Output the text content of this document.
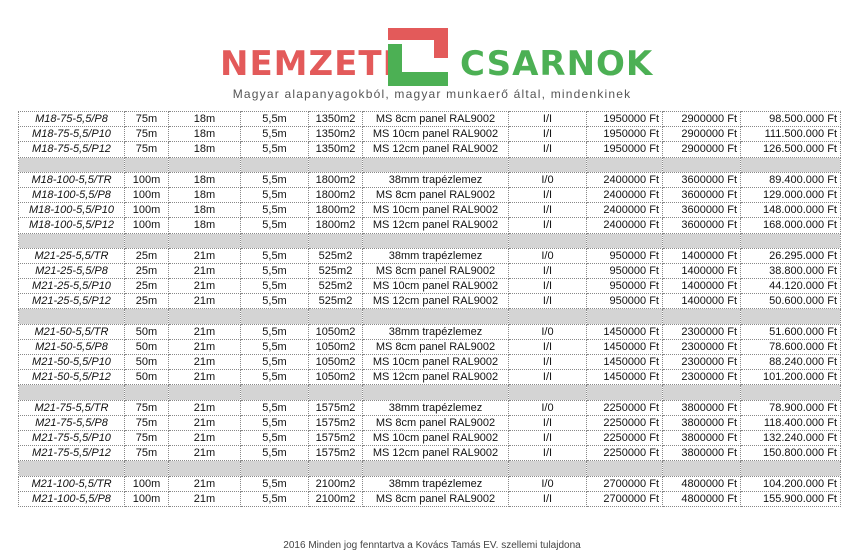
NEMZETI CSARNOK
Magyar alapanyagokból, magyar munkaerő által, mindenkinek
M18-75-5,5/P8	75m	18m	5,5m	1350m2	MS 8cm panel RAL9002	I/I	1950000 Ft	2900000 Ft	98.500.000 Ft
M18-75-5,5/P10	75m	18m	5,5m	1350m2	MS 10cm panel RAL9002	I/I	1950000 Ft	2900000 Ft	111.500.000 Ft
M18-75-5,5/P12	75m	18m	5,5m	1350m2	MS 12cm panel RAL9002	I/I	1950000 Ft	2900000 Ft	126.500.000 Ft

M18-100-5,5/TR	100m	18m	5,5m	1800m2	38mm trapézlemez	I/0	2400000 Ft	3600000 Ft	89.400.000 Ft
M18-100-5,5/P8	100m	18m	5,5m	1800m2	MS 8cm panel RAL9002	I/I	2400000 Ft	3600000 Ft	129.000.000 Ft
M18-100-5,5/P10	100m	18m	5,5m	1800m2	MS 10cm panel RAL9002	I/I	2400000 Ft	3600000 Ft	148.000.000 Ft
M18-100-5,5/P12	100m	18m	5,5m	1800m2	MS 12cm panel RAL9002	I/I	2400000 Ft	3600000 Ft	168.000.000 Ft

M21-25-5,5/TR	25m	21m	5,5m	525m2	38mm trapézlemez	I/0	950000 Ft	1400000 Ft	26.295.000 Ft
M21-25-5,5/P8	25m	21m	5,5m	525m2	MS 8cm panel RAL9002	I/I	950000 Ft	1400000 Ft	38.800.000 Ft
M21-25-5,5/P10	25m	21m	5,5m	525m2	MS 10cm panel RAL9002	I/I	950000 Ft	1400000 Ft	44.120.000 Ft
M21-25-5,5/P12	25m	21m	5,5m	525m2	MS 12cm panel RAL9002	I/I	950000 Ft	1400000 Ft	50.600.000 Ft

M21-50-5,5/TR	50m	21m	5,5m	1050m2	38mm trapézlemez	I/0	1450000 Ft	2300000 Ft	51.600.000 Ft
M21-50-5,5/P8	50m	21m	5,5m	1050m2	MS 8cm panel RAL9002	I/I	1450000 Ft	2300000 Ft	78.600.000 Ft
M21-50-5,5/P10	50m	21m	5,5m	1050m2	MS 10cm panel RAL9002	I/I	1450000 Ft	2300000 Ft	88.240.000 Ft
M21-50-5,5/P12	50m	21m	5,5m	1050m2	MS 12cm panel RAL9002	I/I	1450000 Ft	2300000 Ft	101.200.000 Ft

M21-75-5,5/TR	75m	21m	5,5m	1575m2	38mm trapézlemez	I/0	2250000 Ft	3800000 Ft	78.900.000 Ft
M21-75-5,5/P8	75m	21m	5,5m	1575m2	MS 8cm panel RAL9002	I/I	2250000 Ft	3800000 Ft	118.400.000 Ft
M21-75-5,5/P10	75m	21m	5,5m	1575m2	MS 10cm panel RAL9002	I/I	2250000 Ft	3800000 Ft	132.240.000 Ft
M21-75-5,5/P12	75m	21m	5,5m	1575m2	MS 12cm panel RAL9002	I/I	2250000 Ft	3800000 Ft	150.800.000 Ft

M21-100-5,5/TR	100m	21m	5,5m	2100m2	38mm trapézlemez	I/0	2700000 Ft	4800000 Ft	104.200.000 Ft
M21-100-5,5/P8	100m	21m	5,5m	2100m2	MS 8cm panel RAL9002	I/I	2700000 Ft	4800000 Ft	155.900.000 Ft
2016 Minden jog fenntartva a Kovács Tamás EV. szellemi tulajdona
